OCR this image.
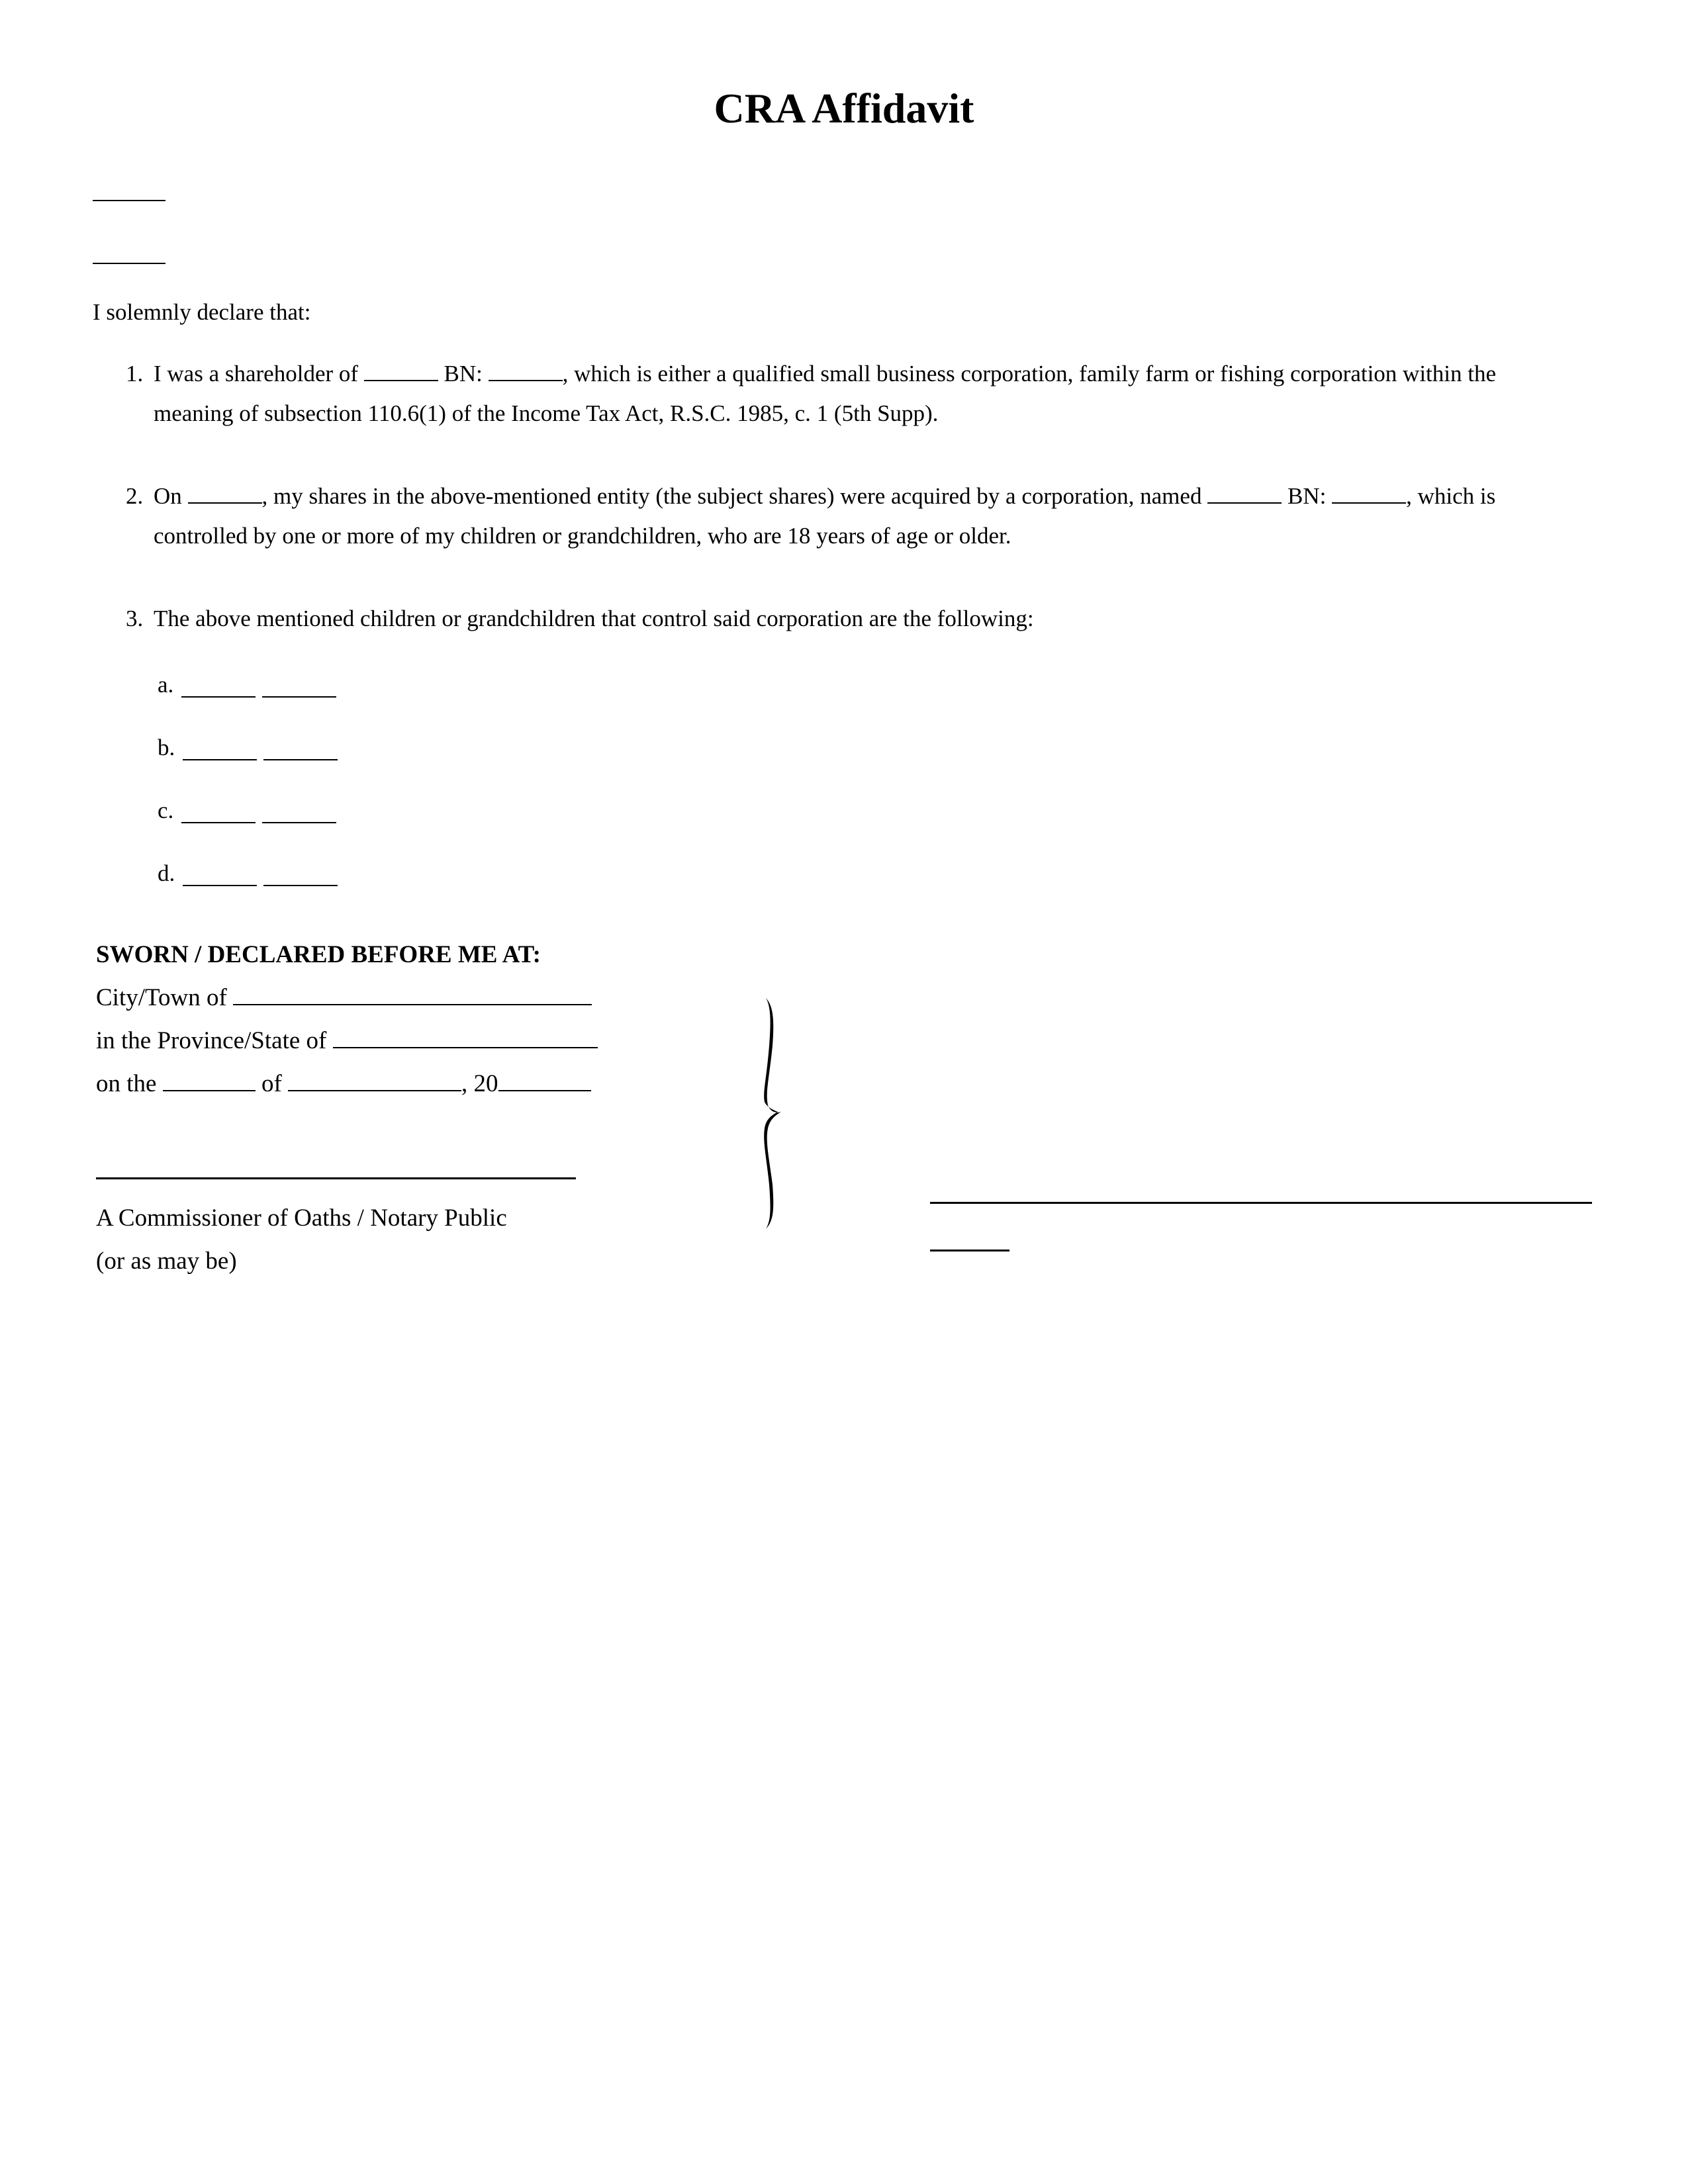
CRA Affidavit
I solemnly declare that:
1. I was a shareholder of	BN:	, which is either a qualified small business corporation, family farm or fishing corporation within the
meaning of subsection 110.6(1) of the Income Tax Act, R.S.C. 1985, c. 1 (5th Supp).
2. On	, my shares in the above-mentioned entity (the subject shares) were acquired by a corporation, named	BN:	, which is
controlled by one or more of my children or grandchildren, who are 18 years of age or older.
3. The above mentioned children or grandchildren that control said corporation are the following:
a.
b.
c.
d.
SWORN / DECLARED BEFORE ME AT:
City/Town of
in the Province/State of
on the	of	, 20
A Commissioner of Oaths / Notary Public
(or as may be)
